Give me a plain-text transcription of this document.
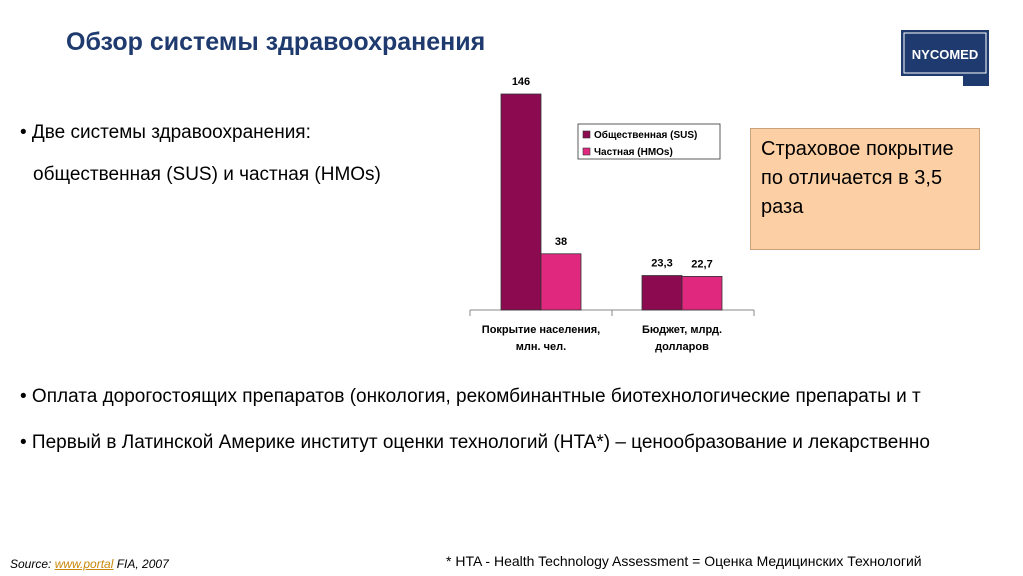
Обзор системы здравоохранения	NYCOMED
• Две системы здравоохранения:
общественная (SUS) и частная (HMOs)
146
23,3
38
22,7
Покрытие населения,
млн. чел.
Бюджет, млрд.
долларов
Общественная (SUS)
Частная (HMOs)	Страховое покрытие по отличается в 3,5 раза
• Оплата дорогостоящих препаратов (онкология, рекомбинантные биотехнологические препараты и т
• Первый в Латинской Америке институт оценки технологий (HTA*) – ценообразование и лекарственно
Source: www.portal FIA, 2007	* HTA - Health Technology Assessment = Оценка Медицинских Технологий
